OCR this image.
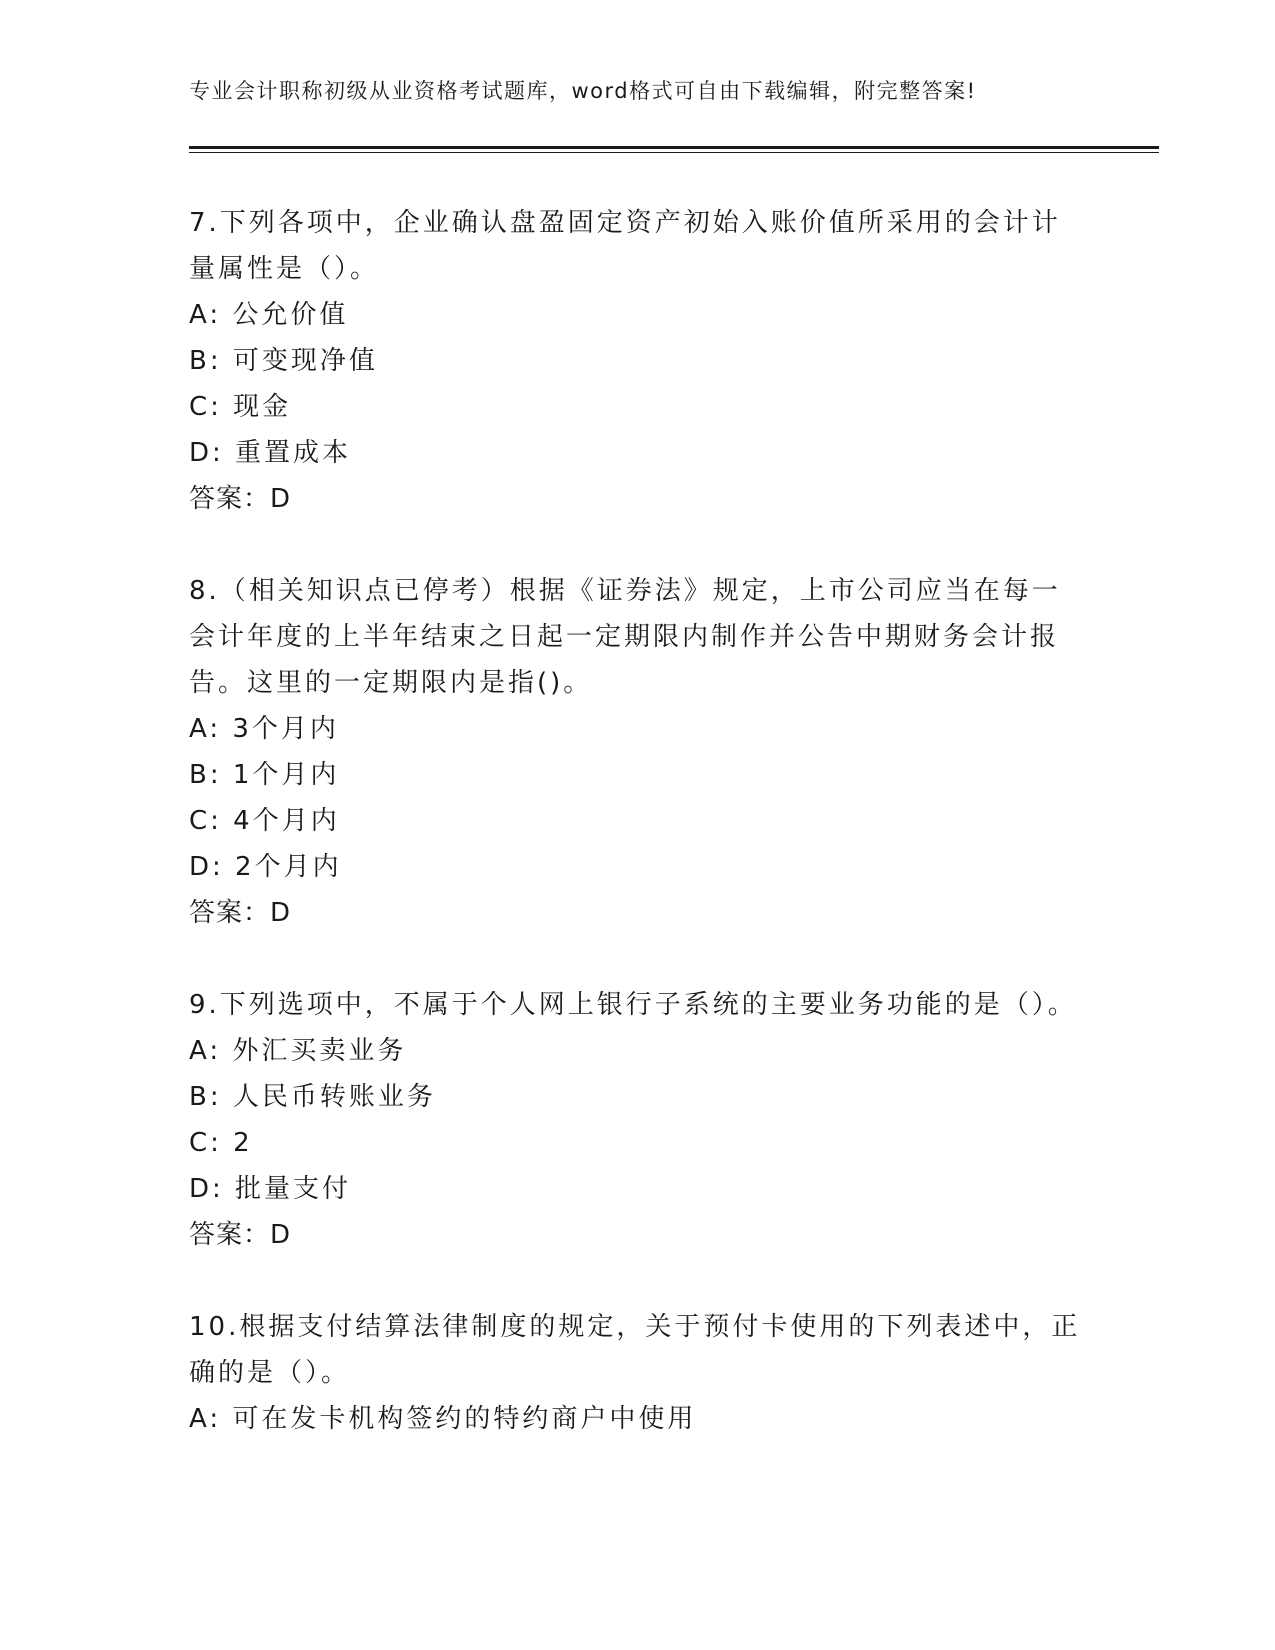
专业会计职称初级从业资格考试题库，word格式可自由下载编辑，附完整答案!

7.下列各项中，企业确认盘盈固定资产初始入账价值所采用的会计计量属性是（）。

A: 公允价值

B: 可变现净值

C: 现金

D: 重置成本

答案：D

8.（相关知识点已停考）根据《证券法》规定，上市公司应当在每一会计年度的上半年结束之日起一定期限内制作并公告中期财务会计报告。这里的一定期限内是指()。

A: 3个月内

B: 1个月内

C: 4个月内

D: 2个月内

答案：D

9.下列选项中，不属于个人网上银行子系统的主要业务功能的是（）。

A: 外汇买卖业务

B: 人民币转账业务

C: 2

D: 批量支付

答案：D

10.根据支付结算法律制度的规定，关于预付卡使用的下列表述中，正确的是（）。

A: 可在发卡机构签约的特约商户中使用
